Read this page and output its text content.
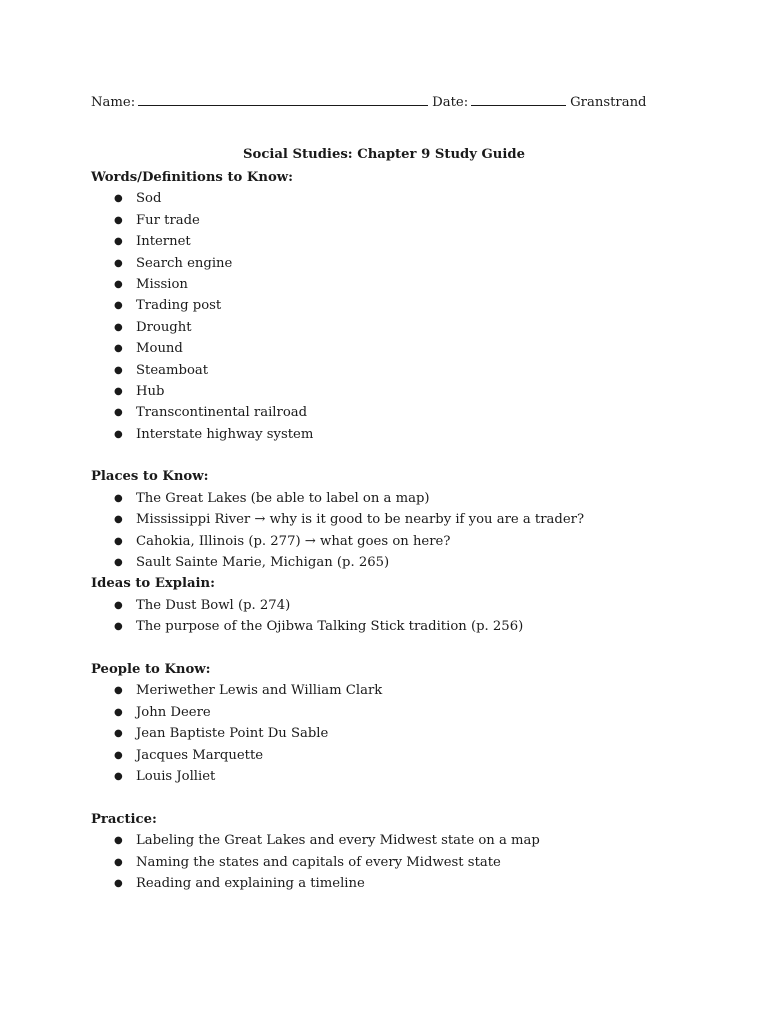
Name:	Date:	Granstrand
Social Studies: Chapter 9 Study Guide
Words/Definitions to Know:
● Sod
● Fur trade
● Internet
● Search engine
● Mission
● Trading post
● Drought
● Mound
● Steamboat
● Hub
● Transcontinental railroad
● Interstate highway system
Places to Know:
● The Great Lakes (be able to label on a map)
● Mississippi River → why is it good to be nearby if you are a trader?
● Cahokia, Illinois (p. 277) → what goes on here?
● Sault Sainte Marie, Michigan (p. 265)
Ideas to Explain:
● The Dust Bowl (p. 274)
● The purpose of the Ojibwa Talking Stick tradition (p. 256)
People to Know:
● Meriwether Lewis and William Clark
● John Deere
● Jean Baptiste Point Du Sable
● Jacques Marquette
● Louis Jolliet
Practice:
● Labeling the Great Lakes and every Midwest state on a map
● Naming the states and capitals of every Midwest state
● Reading and explaining a timeline
